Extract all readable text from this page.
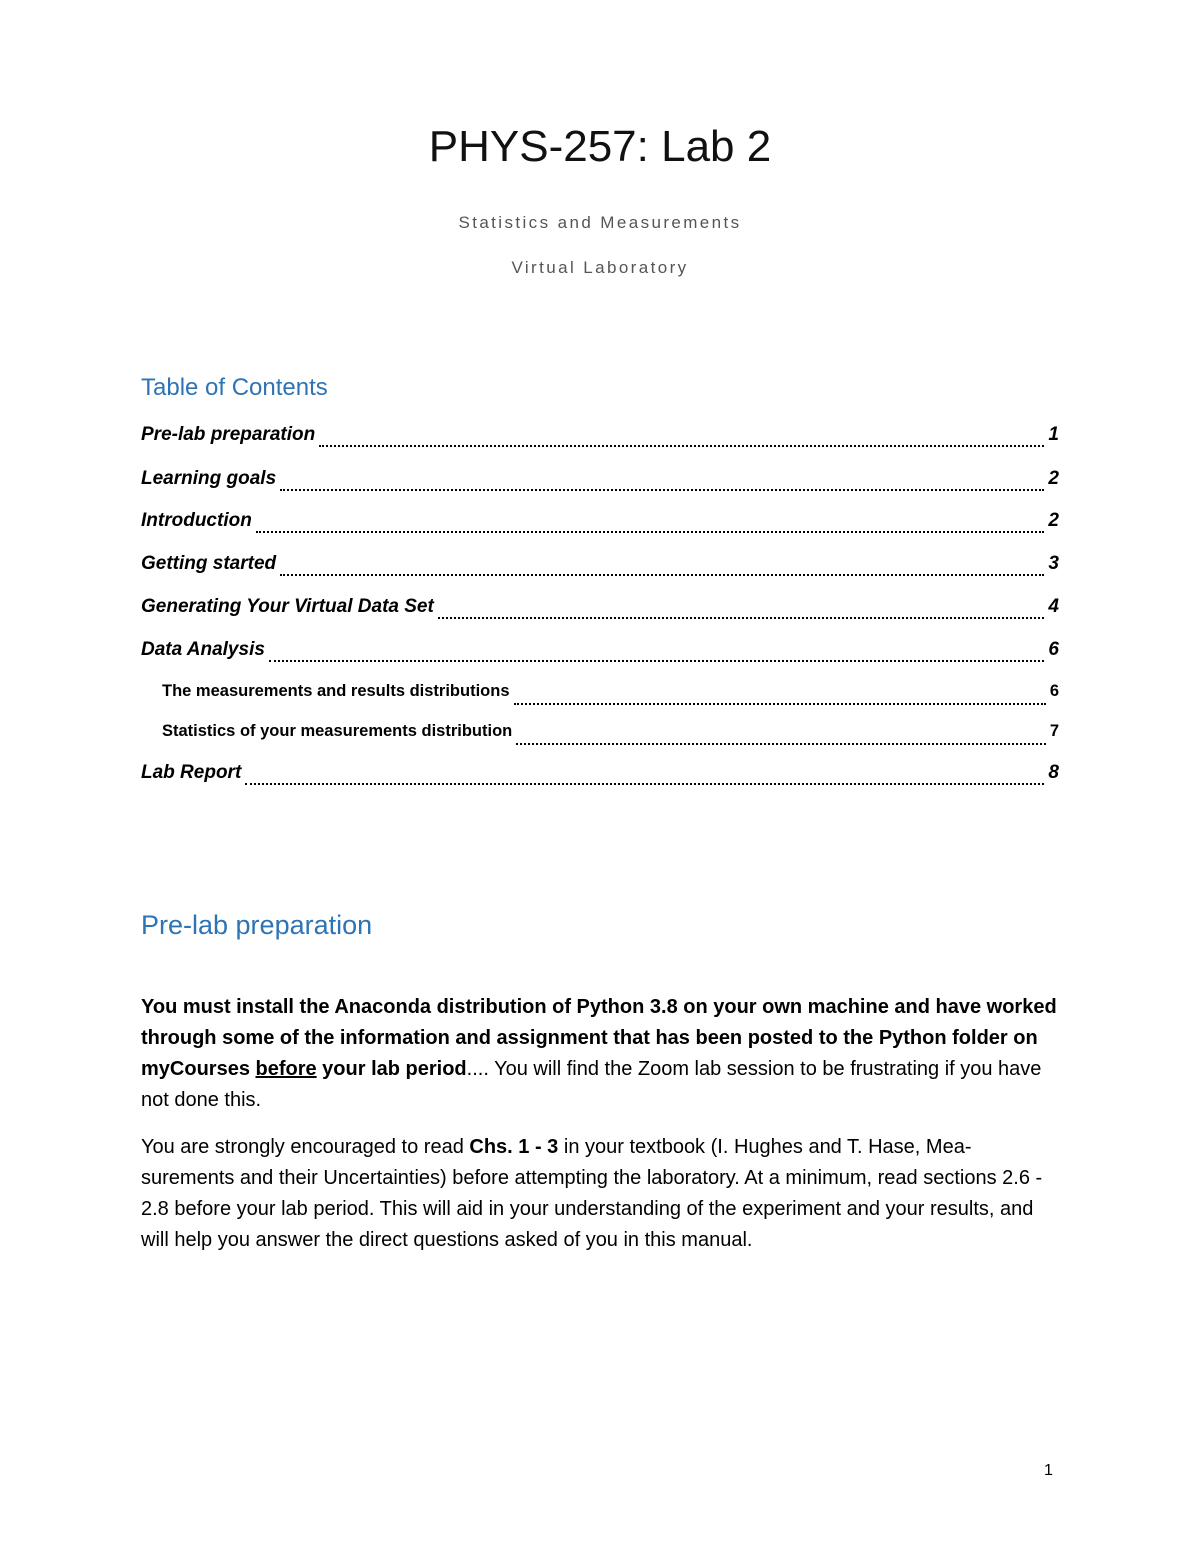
PHYS-257: Lab 2
Statistics and Measurements
Virtual Laboratory
Table of Contents
Pre-lab preparation	1
Learning goals	2
Introduction	2
Getting started	3
Generating Your Virtual Data Set	4
Data Analysis	6
The measurements and results distributions	6
Statistics of your measurements distribution	7
Lab Report	8
Pre-lab preparation

You must install the Anaconda distribution of Python 3.8 on your own machine and have worked through some of the information and assignment that has been posted to the Python folder on myCourses before your lab period.... You will find the Zoom lab session to be frustrating if you have not done this.

You are strongly encouraged to read Chs. 1 - 3 in your textbook (I. Hughes and T. Hase, Mea-surements and their Uncertainties) before attempting the laboratory. At a minimum, read sections 2.6 - 2.8 before your lab period. This will aid in your understanding of the experiment and your results, and will help you answer the direct questions asked of you in this manual.

1
